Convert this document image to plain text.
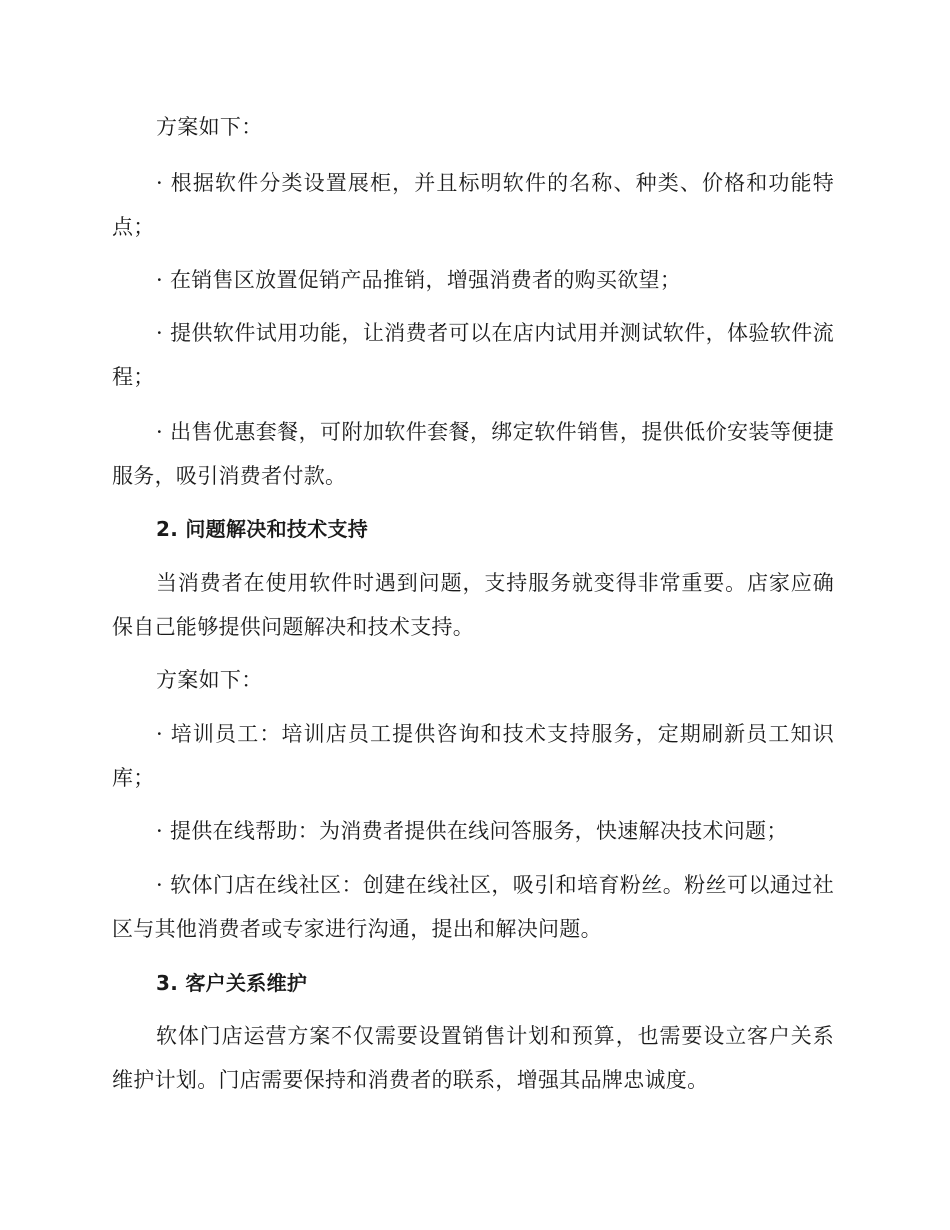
方案如下：

· 根据软件分类设置展柜，并且标明软件的名称、种类、价格和功能特点；

· 在销售区放置促销产品推销，增强消费者的购买欲望；

· 提供软件试用功能，让消费者可以在店内试用并测试软件，体验软件流程；

· 出售优惠套餐，可附加软件套餐，绑定软件销售，提供低价安装等便捷服务，吸引消费者付款。

2. 问题解决和技术支持

当消费者在使用软件时遇到问题，支持服务就变得非常重要。店家应确保自己能够提供问题解决和技术支持。

方案如下：

· 培训员工：培训店员工提供咨询和技术支持服务，定期刷新员工知识库；

· 提供在线帮助：为消费者提供在线问答服务，快速解决技术问题；

· 软体门店在线社区：创建在线社区，吸引和培育粉丝。粉丝可以通过社区与其他消费者或专家进行沟通，提出和解决问题。

3. 客户关系维护

软体门店运营方案不仅需要设置销售计划和预算，也需要设立客户关系维护计划。门店需要保持和消费者的联系，增强其品牌忠诚度。
